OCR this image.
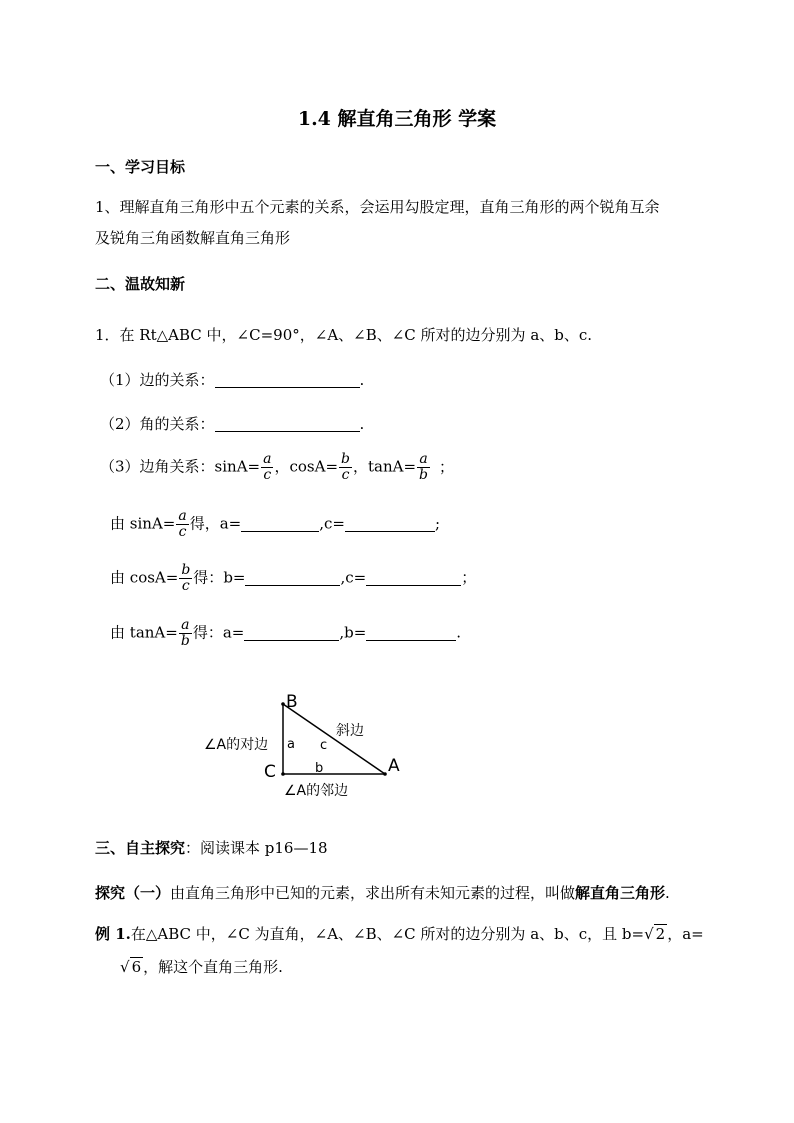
1.4 解直角三角形 学案
一、学习目标
1、理解直角三角形中五个元素的关系，会运用勾股定理，直角三角形的两个锐角互余
及锐角三角函数解直角三角形
二、温故知新
1．在 Rt△ABC 中，∠C=90°，∠A、∠B、∠C 所对的边分别为 a、b、c.
（1）边的关系：	.
（2）角的关系：	.
（3）边角关系：$\sin A= \frac{a}{c}$ ，$\cos A= \frac{b}{c}$ ，$\tan A= \frac{a}{b}$ ；
由 $\sin A= \frac{a}{c}$ 得，a=	,c=	;
由 $\cos A= \frac{b}{c}$ 得：b=	,c=	；
由 $\tan A= \frac{a}{b}$ 得：a=	,b=	.
B
C	A
a c
b
斜边
∠A的对边
∠A的邻边
三、自主探究：阅读课本 p16—18
探究（一）由直角三角形中已知的元素，求出所有未知元素的过程，叫做解直角三角形.
例 1.在△ABC 中，∠C 为直角，∠A、∠B、∠C 所对的边分别为 a、b、c，且 b=√ 2 ，a=
√ 6 ，解这个直角三角形.
